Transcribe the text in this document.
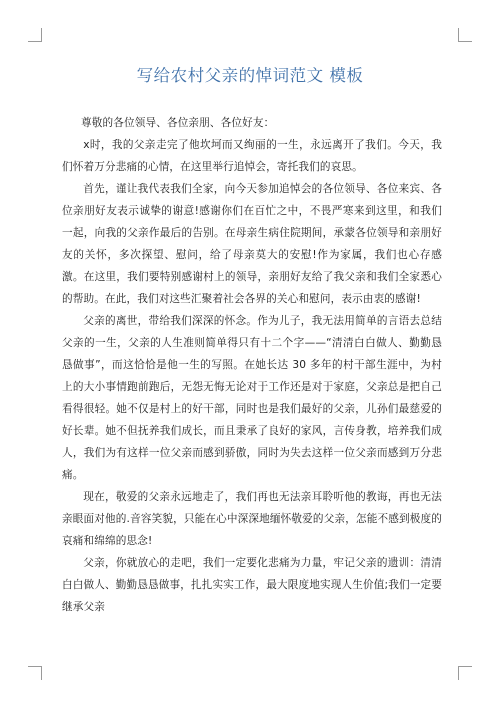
写给农村父亲的悼词范文 模板

尊敬的各位领导、各位亲朋、各位好友：

x时，我的父亲走完了他坎坷而又绚丽的一生，永远离开了我们。今天，我们怀着万分悲痛的心情，在这里举行追悼会，寄托我们的哀思。

首先，谨让我代表我们全家，向今天参加追悼会的各位领导、各位来宾、各位亲朋好友表示诚挚的谢意!感谢你们在百忙之中，不畏严寒来到这里，和我们一起，向我的父亲作最后的告别。在母亲生病住院期间，承蒙各位领导和亲朋好友的关怀，多次探望、慰问，给了母亲莫大的安慰!作为家属，我们也心存感激。在这里，我们要特别感谢村上的领导，亲朋好友给了我父亲和我们全家悉心的帮助。在此，我们对这些汇聚着社会各界的关心和慰问，表示由衷的感谢!

父亲的离世，带给我们深深的怀念。作为儿子，我无法用简单的言语去总结父亲的一生，父亲的人生准则简单得只有十二个字——“清清白白做人、勤勤恳恳做事”，而这恰恰是他一生的写照。在她长达 30 多年的村干部生涯中，为村上的大小事情跑前跑后，无怨无悔无论对于工作还是对于家庭，父亲总是把自己看得很轻。她不仅是村上的好干部，同时也是我们最好的父亲，儿孙们最慈爱的好长辈。她不但抚养我们成长，而且秉承了良好的家风，言传身教，培养我们成人，我们为有这样一位父亲而感到骄傲，同时为失去这样一位父亲而感到万分悲痛。

现在，敬爱的父亲永远地走了，我们再也无法亲耳聆听他的教诲，再也无法亲眼面对他的.音容笑貌，只能在心中深深地缅怀敬爱的父亲，怎能不感到极度的哀痛和绵绵的思念!

父亲，你就放心的走吧，我们一定要化悲痛为力量，牢记父亲的遗训：清清白白做人、勤勤恳恳做事，扎扎实实工作，最大限度地实现人生价值;我们一定要继承父亲
